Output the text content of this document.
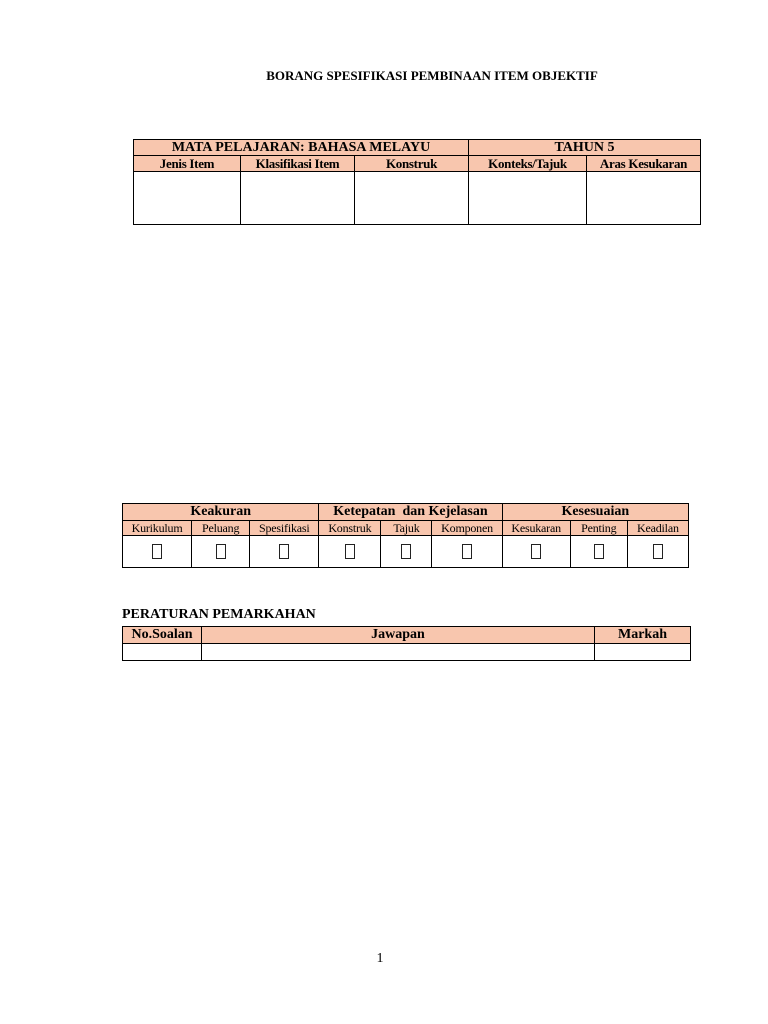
BORANG SPESIFIKASI PEMBINAAN ITEM OBJEKTIF
MATA PELAJARAN: BAHASA MELAYU			TAHUN 5	
Jenis Item	Klasifikasi Item	Konstruk	Konteks/Tajuk	Aras Kesukaran

Keakuran			Ketepatan  dan Kejelasan			Kesesuaian		
Kurikulum	Peluang	Spesifikasi	Konstruk	Tajuk	Komponen	Kesukaran	Penting	Keadilan

PERATURAN PEMARKAHAN
No.Soalan	Jawapan	Markah

1
